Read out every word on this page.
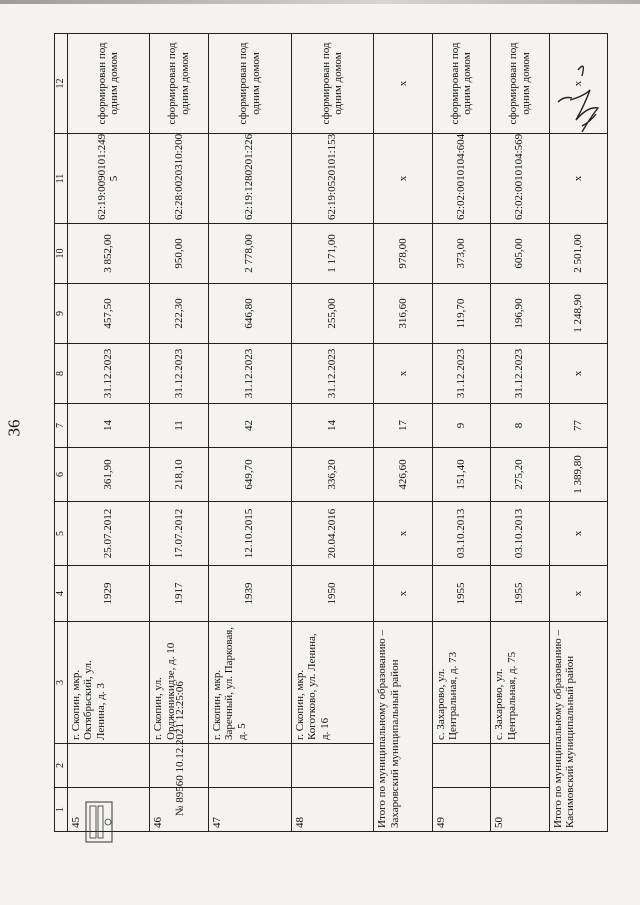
36
1	2	3	4	5	6	7	8	9	10	11	12
45		г. Скопин, мкр. Октябрьский, ул. Ленина, д. 3	1929	25.07.2012	361,90	14	31.12.2023	457,50	3 852,00	62:19:0090101:249 5	сформирован под одним домом
46		г. Скопин, ул. Орджоникидзе, д. 10	1917	17.07.2012	218,10	11	31.12.2023	222,30	950,00	62:28:0020310:200	сформирован под одним домом
47		г. Скопин, мкр. Заречный, ул. Парковая, д. 5	1939	12.10.2015	649,70	42	31.12.2023	646,80	2 778,00	62:19:1280201:226	сформирован под одним домом
48		г. Скопин, мкр. Коготково, ул. Ленина, д. 16	1950	20.04.2016	336,20	14	31.12.2023	255,00	1 171,00	62:19:0520101:153	сформирован под одним домом
Итого по муниципальному образованию – Захаровский муниципальный район			x	x	426,60	17	x	316,60	978,00	x	x
49		с. Захарово, ул. Центральная, д. 73	1955	03.10.2013	151,40	9	31.12.2023	119,70	373,00	62:02:0010104:604	сформирован под одним домом
50		с. Захарово, ул. Центральная, д. 75	1955	03.10.2013	275,20	8	31.12.2023	196,90	605,00	62:02:0010104:569	сформирован под одним домом
Итого по муниципальному образованию – Касимовский муниципальный район			x	x	1 389,80	77	x	1 248,90	2 501,00	x	x
№ 89560 10.12.2021 12:25:06
